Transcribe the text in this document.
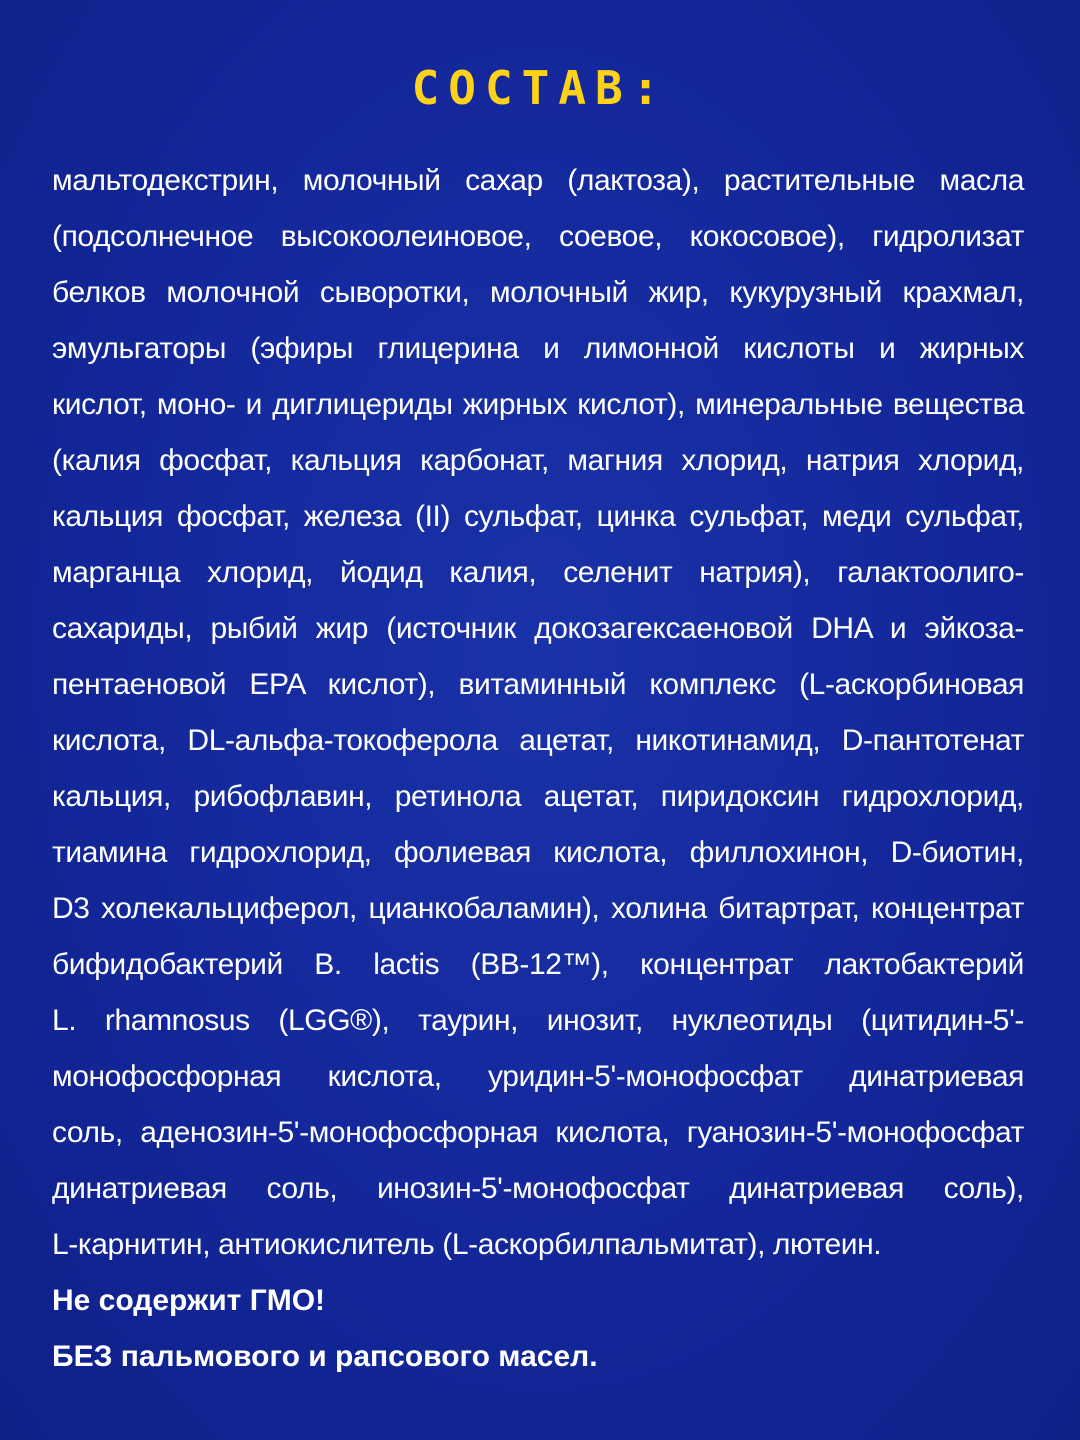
СОСТАВ:
мальтодекстрин, молочный сахар (лактоза), растительные масла
(подсолнечное высокоолеиновое, соевое, кокосовое), гидролизат
белков молочной сыворотки, молочный жир, кукурузный крахмал,
эмульгаторы (эфиры глицерина и лимонной кислоты и жирных
кислот, моно- и диглицериды жирных кислот), минеральные вещества
(калия фосфат, кальция карбонат, магния хлорид, натрия хлорид,
кальция фосфат, железа (II) сульфат, цинка сульфат, меди сульфат,
марганца хлорид, йодид калия, селенит натрия), галактоолиго-
сахариды, рыбий жир (источник докозагексаеновой DHA и эйкоза-
пентаеновой EPA кислот), витаминный комплекс (L-аскорбиновая
кислота, DL-альфа-токоферола ацетат, никотинамид, D-пантотенат
кальция, рибофлавин, ретинола ацетат, пиридоксин гидрохлорид,
тиамина гидрохлорид, фолиевая кислота, филлохинон, D-биотин,
D3 холекальциферол, цианкобаламин), холина битартрат, концентрат
бифидобактерий B. lactis (BB-12™), концентрат лактобактерий
L. rhamnosus (LGG®), таурин, инозит, нуклеотиды (цитидин-5'-
монофосфорная кислота, уридин-5'-монофосфат динатриевая
соль, аденозин-5'-монофосфорная кислота, гуанозин-5'-монофосфат
динатриевая соль, инозин-5'-монофосфат динатриевая соль),
L-карнитин, антиокислитель (L-аскорбилпальмитат), лютеин.
Не содержит ГМО!
БЕЗ пальмового и рапсового масел.
